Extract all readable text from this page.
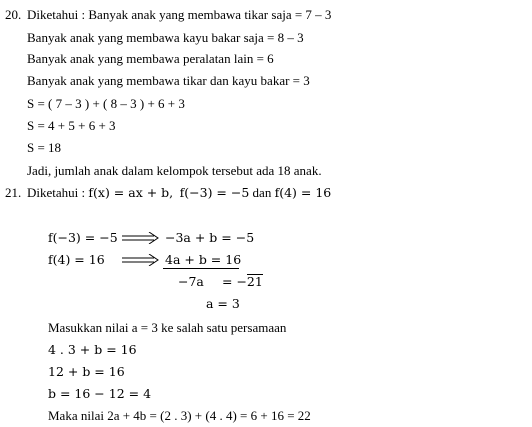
20. Diketahui : Banyak anak yang membawa tikar saja = 7 – 3
Banyak anak yang membawa kayu bakar saja = 8 – 3
Banyak anak yang membawa peralatan lain = 6
Banyak anak yang membawa tikar dan kayu bakar = 3
S = ( 7 – 3 ) + ( 8 – 3 ) + 6 + 3
S = 4 + 5 + 6 + 3
S = 18
Jadi, jumlah anak dalam kelompok tersebut ada 18 anak.
21. Diketahui : f(x) = ax + b, f(−3) = −5 dan f(4) = 16
f(−3) = −5	−3a + b = −5
f(4) = 16	4a + b = 16
−7a = −21
a = 3
Masukkan nilai a = 3 ke salah satu persamaan
4 . 3 + b = 16
12 + b = 16
b = 16 − 12 = 4
Maka nilai 2a + 4b = (2 . 3) + (4 . 4) = 6 + 16 = 22
